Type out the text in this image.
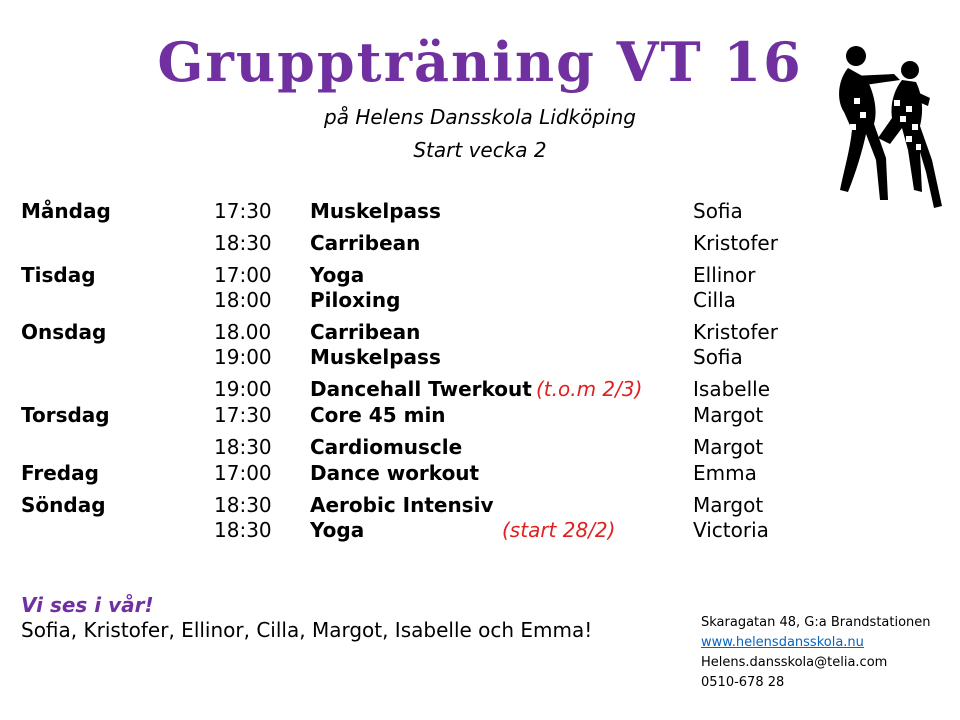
Gruppträning VT 16
på Helens Dansskola Lidköping
Start vecka 2
Måndag	17:30 Muskelpass	Sofia
18:30 Carribean	Kristofer
Tisdag	17:00 Yoga	Ellinor
18:00 Piloxing	Cilla
Onsdag	18.00 Carribean	Kristofer
19:00 Muskelpass	Sofia
19:00 Dancehall Twerkout	Isabelle
(t.o.m 2/3)
Torsdag	17:30 Core 45 min	Margot
18:30 Cardiomuscle	Margot
Fredag	17:00 Dance workout	Emma
Söndag	18:30 Aerobic Intensiv	Margot
18:30 Yoga	Victoria
(start 28/2)
Vi ses i vår!
Sofia, Kristofer, Ellinor, Cilla, Margot, Isabelle och Emma!	Skaragatan 48, G:a Brandstationen
www.helensdansskola.nu
Helens.dansskola@telia.com
0510-678 28
